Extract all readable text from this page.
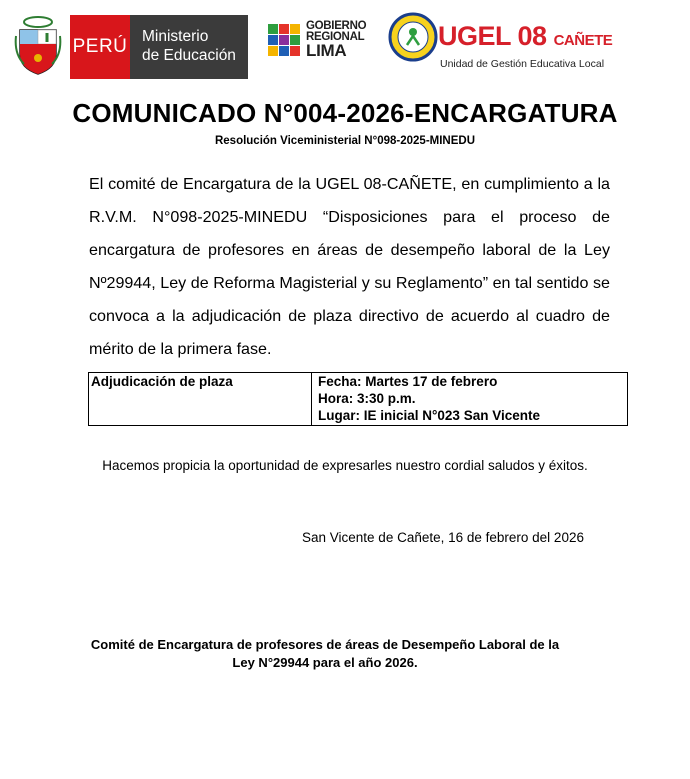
PERÚ Ministerio
de Educación
GOBIERNO
REGIONAL
LIMA	UGEL 08 CAÑETE
Unidad de Gestión Educativa Local
COMUNICADO N°004-2026-ENCARGATURA
Resolución Viceministerial N°098-2025-MINEDU
El comité de Encargatura de la UGEL 08-CAÑETE, en cumplimiento a la R.V.M. N°098-2025-MINEDU “Disposiciones para el proceso de encargatura de profesores en áreas de desempeño laboral de la Ley Nº29944, Ley de Reforma Magisterial y su Reglamento” en tal sentido se convoca a la adjudicación de plaza directivo de acuerdo al cuadro de mérito de la primera fase.
Adjudicación de plaza	Fecha: Martes 17 de febrero
Hora: 3:30 p.m.
Lugar: IE inicial N°023 San Vicente
Hacemos propicia la oportunidad de expresarles nuestro cordial saludos y éxitos.
San Vicente de Cañete, 16 de febrero del 2026
Comité de Encargatura de profesores de áreas de Desempeño Laboral de la
Ley N°29944 para el año 2026.
